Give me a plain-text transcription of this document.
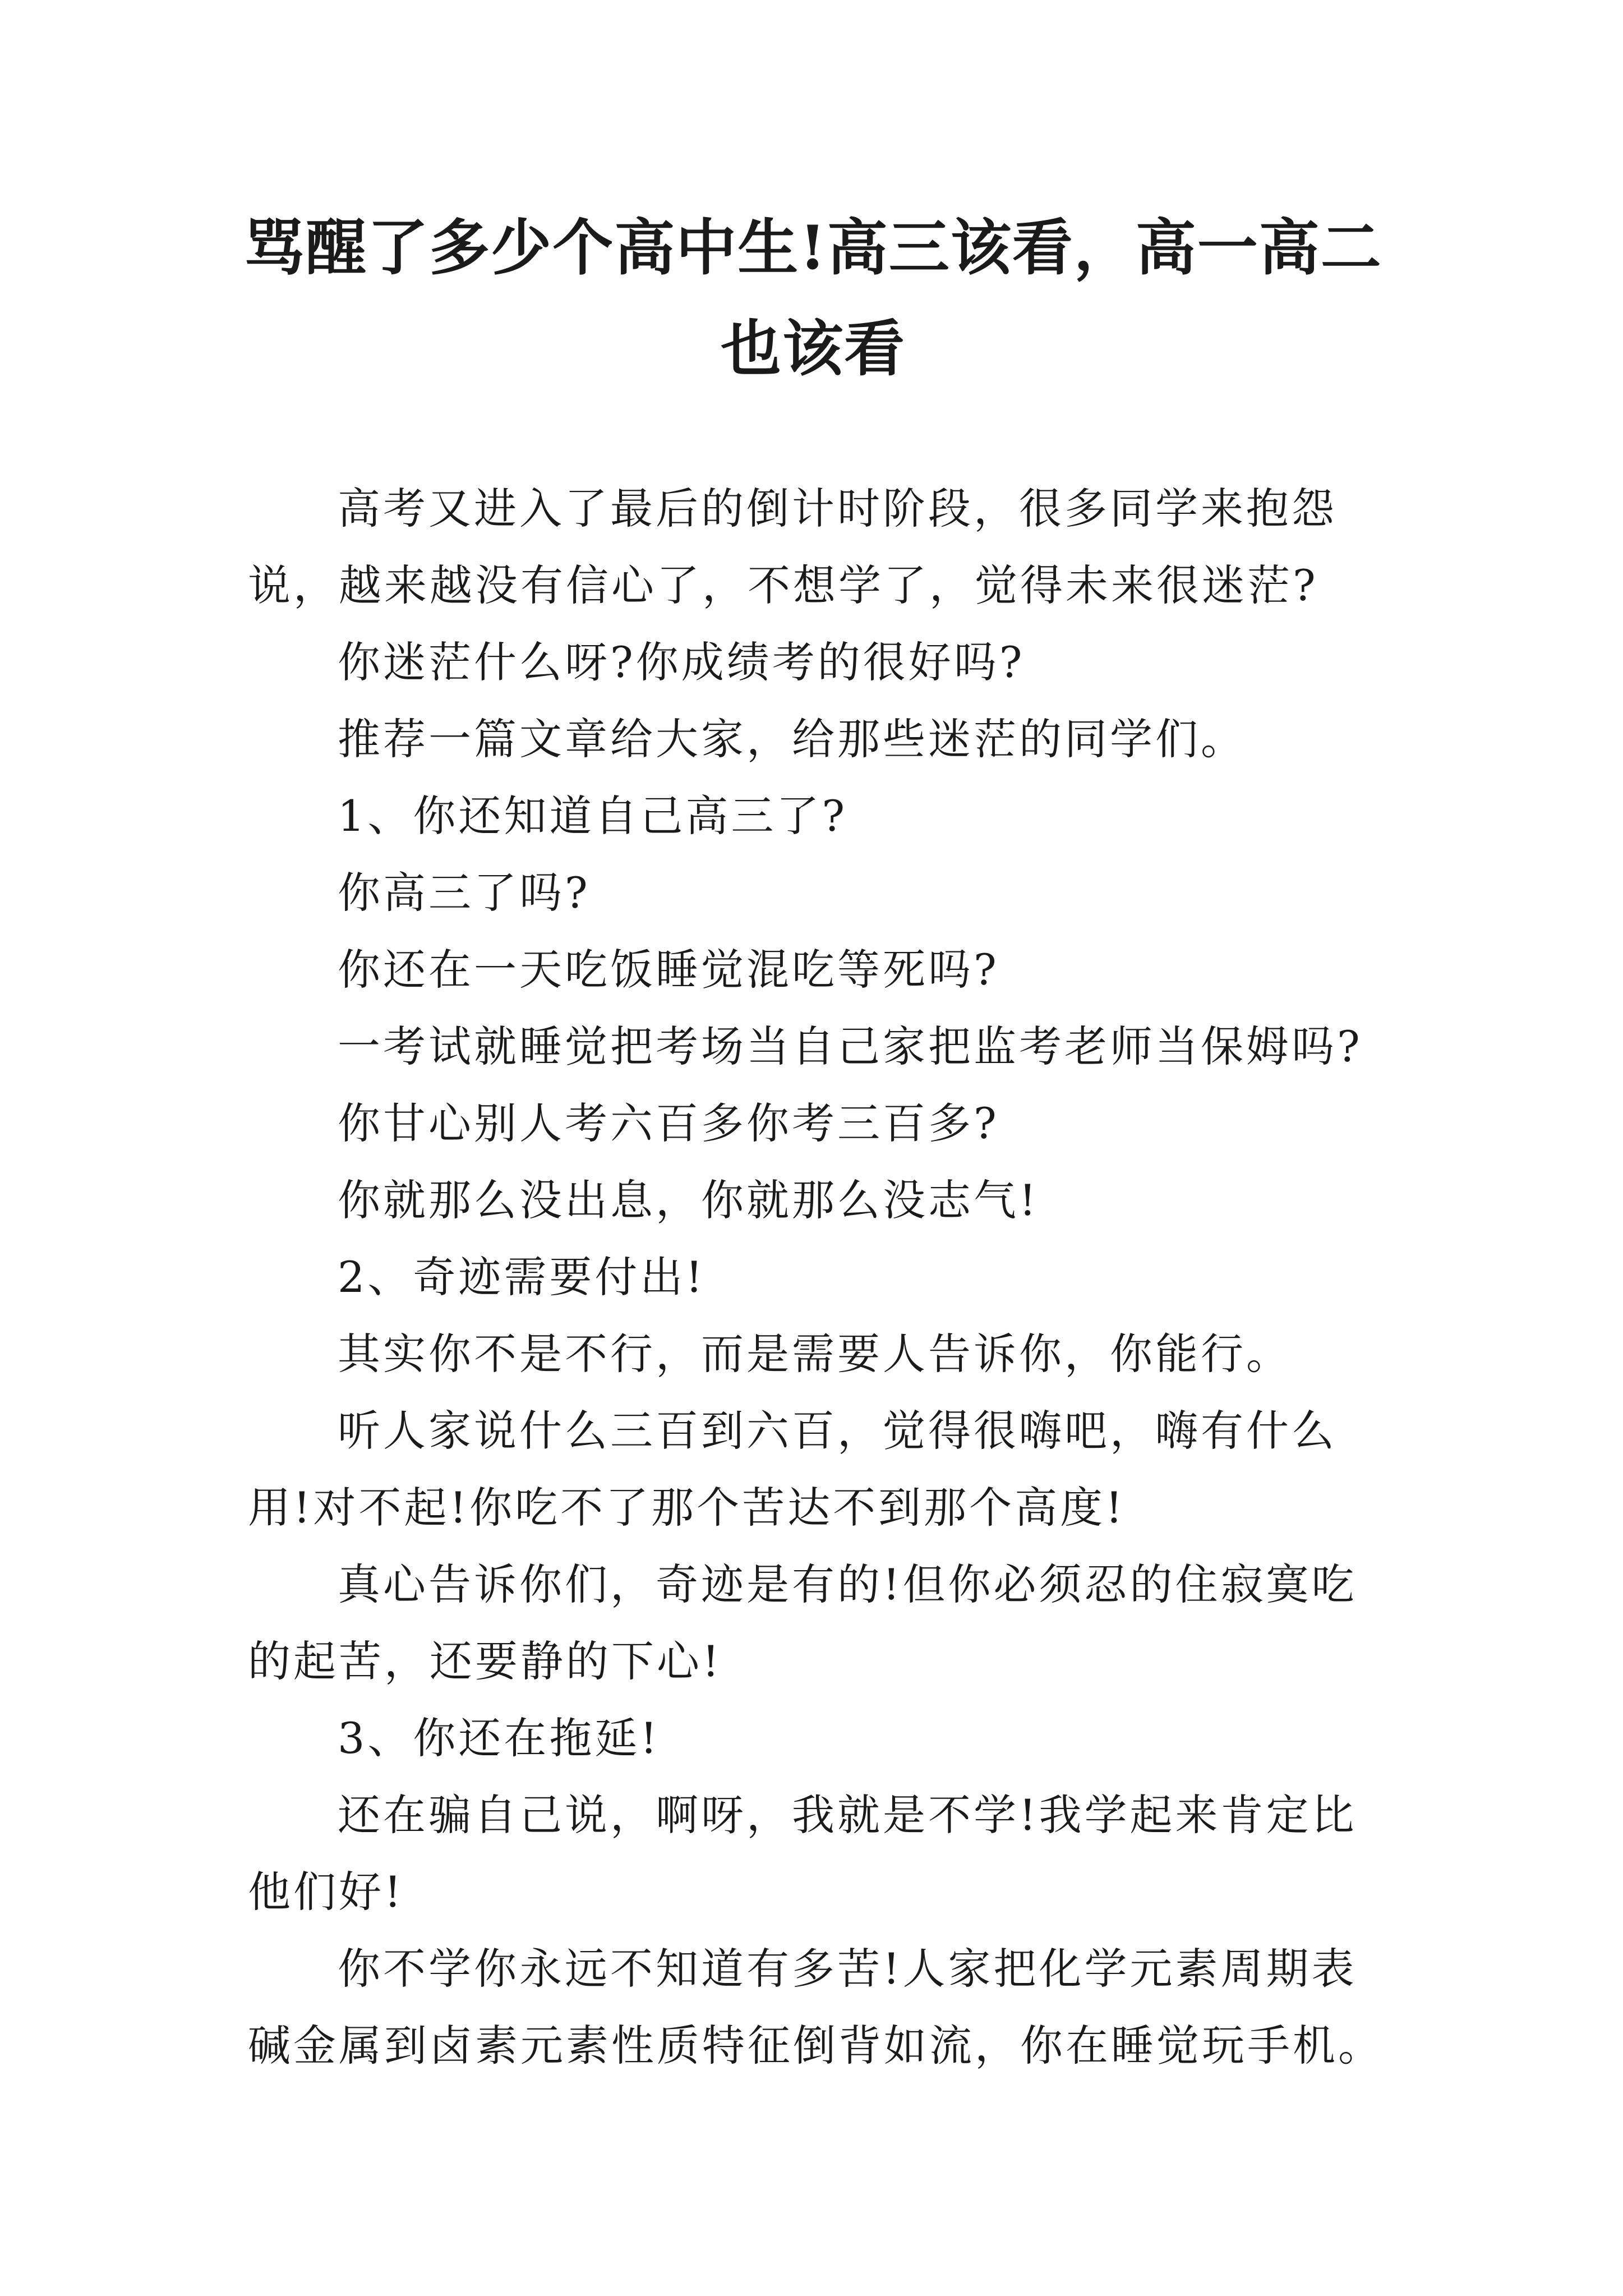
骂醒了多少个高中生!高三该看，高一高二
也该看

高考又进入了最后的倒计时阶段，很多同学来抱怨说，越来越没有信心了，不想学了，觉得未来很迷茫?

你迷茫什么呀?你成绩考的很好吗?

推荐一篇文章给大家，给那些迷茫的同学们。

1、你还知道自己高三了?

你高三了吗?

你还在一天吃饭睡觉混吃等死吗?

一考试就睡觉把考场当自己家把监考老师当保姆吗?

你甘心别人考六百多你考三百多?

你就那么没出息，你就那么没志气!

2、奇迹需要付出!

其实你不是不行，而是需要人告诉你，你能行。

听人家说什么三百到六百，觉得很嗨吧，嗨有什么用!对不起!你吃不了那个苦达不到那个高度!

真心告诉你们，奇迹是有的!但你必须忍的住寂寞吃的起苦，还要静的下心!

3、你还在拖延!

还在骗自己说，啊呀，我就是不学!我学起来肯定比他们好!

你不学你永远不知道有多苦!人家把化学元素周期表碱金属到卤素元素性质特征倒背如流，你在睡觉玩手机。
